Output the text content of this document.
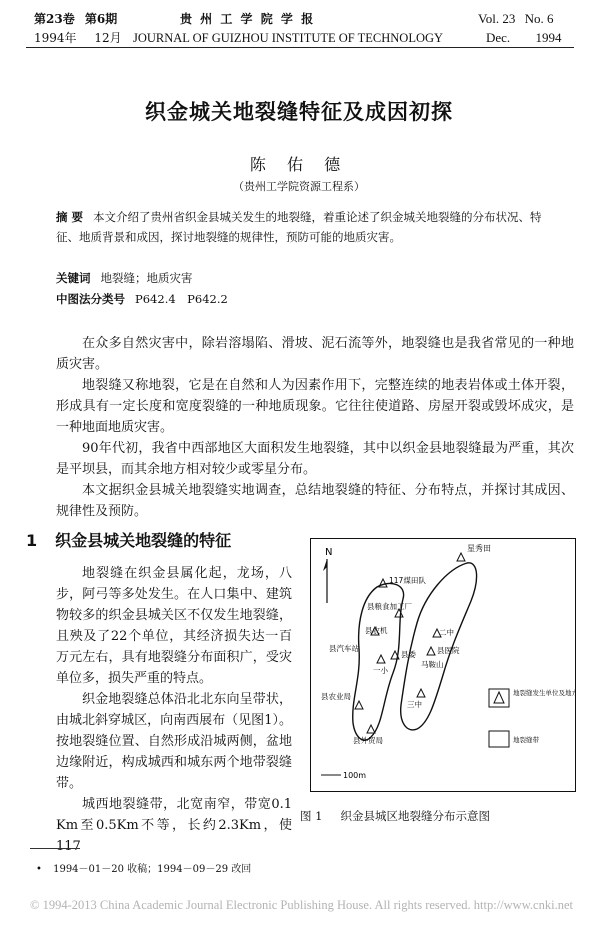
第23卷 第6期
1994年 12月
贵 州 工 学 院 学 报
JOURNAL OF GUIZHOU INSTITUTE OF TECHNOLOGY
Vol. 23 No. 6
Dec. 1994
织金城关地裂缝特征及成因初探
陈 佑 德
（贵州工学院资源工程系）
摘 要 本文介绍了贵州省织金县城关发生的地裂缝，着重论述了织金城关地裂缝的分布状况、特征、地质背景和成因，探讨地裂缝的规律性，预防可能的地质灾害。
关键词 地裂缝；地质灾害
中图法分类号 P642.4　P642.2
在众多自然灾害中，除岩溶塌陷、滑坡、泥石流等外，地裂缝也是我省常见的一种地质灾害。
地裂缝又称地裂，它是在自然和人为因素作用下，完整连续的地表岩体或土体开裂，形成具有一定长度和宽度裂缝的一种地质现象。它往往使道路、房屋开裂或毁坏成灾，是一种地面地质灾害。
90年代初，我省中西部地区大面积发生地裂缝，其中以织金县地裂缝最为严重，其次是平坝县，而其余地方相对较少或零星分布。
本文据织金县城关地裂缝实地调查，总结地裂缝的特征、分布特点，并探讨其成因、规律性及预防。
1 织金县城关地裂缝的特征
地裂缝在织金县属化起，龙场，八步，阿弓等多处发生。在人口集中、建筑物较多的织金县城关区不仅发生地裂缝，且殃及了22个单位，其经济损失达一百万元左右，具有地裂缝分布面积广，受灾单位多，损失严重的特点。
织金地裂缝总体沿北北东向呈带状，由城北斜穿城区，向南西展布（见图1）。按地裂缝位置、自然形成沿城两侧，盆地边缘附近，构成城西和城东两个地带裂缝带。
城西地裂缝带，北宽南窄，带宽0.1 Km至0.5Km不等，长约2.3Km，使117
N	星秀田
117煤田队
县粮食加工厂
县农机	二中
县医院
县汽车站
县委
一小
马鞍山
县农业局
三中
县外贸局
100m
地裂缝发生单位及地方
地裂缝带
图 1 织金县城区地裂缝分布示意图
• 1994－01－20 收稿；1994－09－29 改回
© 1994-2013 China Academic Journal Electronic Publishing House. All rights reserved. http://www.cnki.net
